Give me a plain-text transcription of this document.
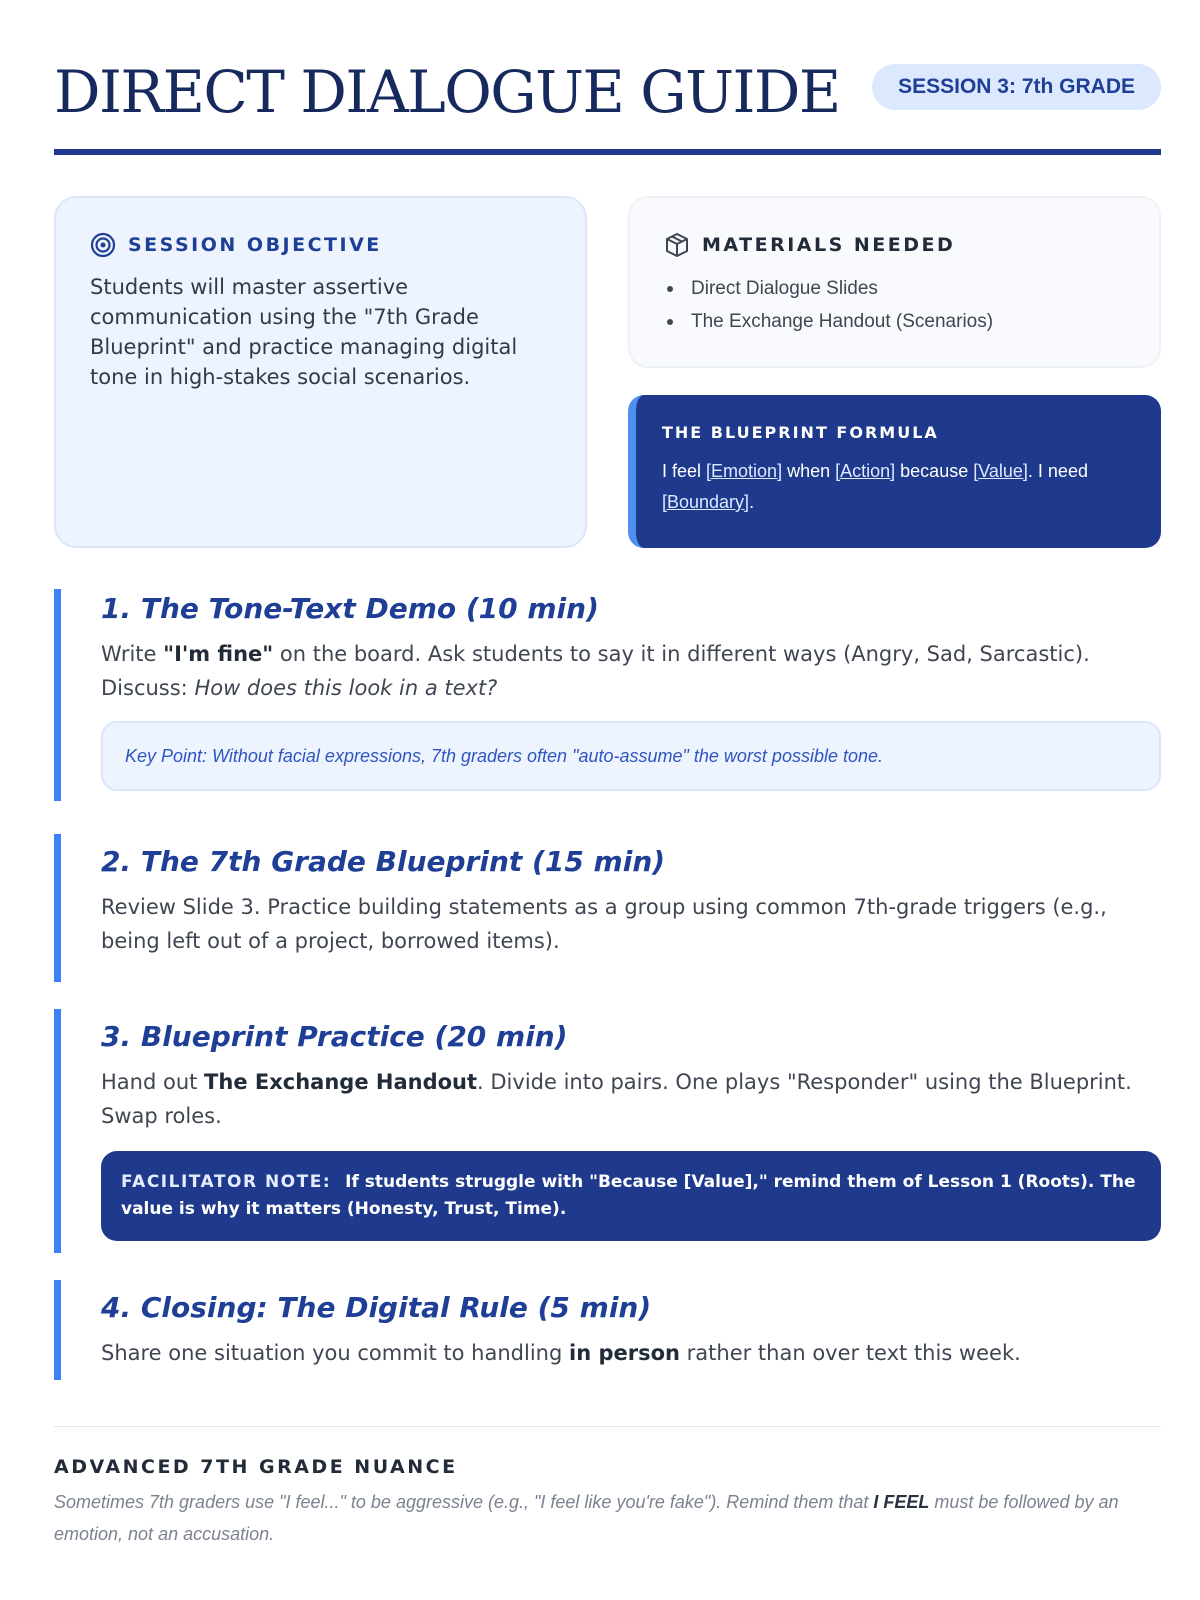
DIRECT DIALOGUE GUIDE	SESSION 3: 7th GRADE
SESSION OBJECTIVE

Students will master assertive communication using the "7th Grade Blueprint" and practice managing digital tone in high-stakes social scenarios.

MATERIALS NEEDED
Direct Dialogue Slides
The Exchange Handout (Scenarios)
THE BLUEPRINT FORMULA
I feel [Emotion] when [Action] because [Value]. I need [Boundary].
1. The Tone-Text Demo (10 min)

Write "I'm fine" on the board. Ask students to say it in different ways (Angry, Sad, Sarcastic). Discuss: How does this look in a text?

Key Point: Without facial expressions, 7th graders often "auto-assume" the worst possible tone.
2. The 7th Grade Blueprint (15 min)

Review Slide 3. Practice building statements as a group using common 7th-grade triggers (e.g., being left out of a project, borrowed items).

3. Blueprint Practice (20 min)

Hand out The Exchange Handout. Divide into pairs. One plays "Responder" using the Blueprint. Swap roles.

FACILITATOR NOTE: If students struggle with "Because [Value]," remind them of Lesson 1 (Roots). The value is why it matters (Honesty, Trust, Time).
4. Closing: The Digital Rule (5 min)

Share one situation you commit to handling in person rather than over text this week.

ADVANCED 7TH GRADE NUANCE

Sometimes 7th graders use "I feel..." to be aggressive (e.g., "I feel like you're fake"). Remind them that I FEEL must be followed by an emotion, not an accusation.
